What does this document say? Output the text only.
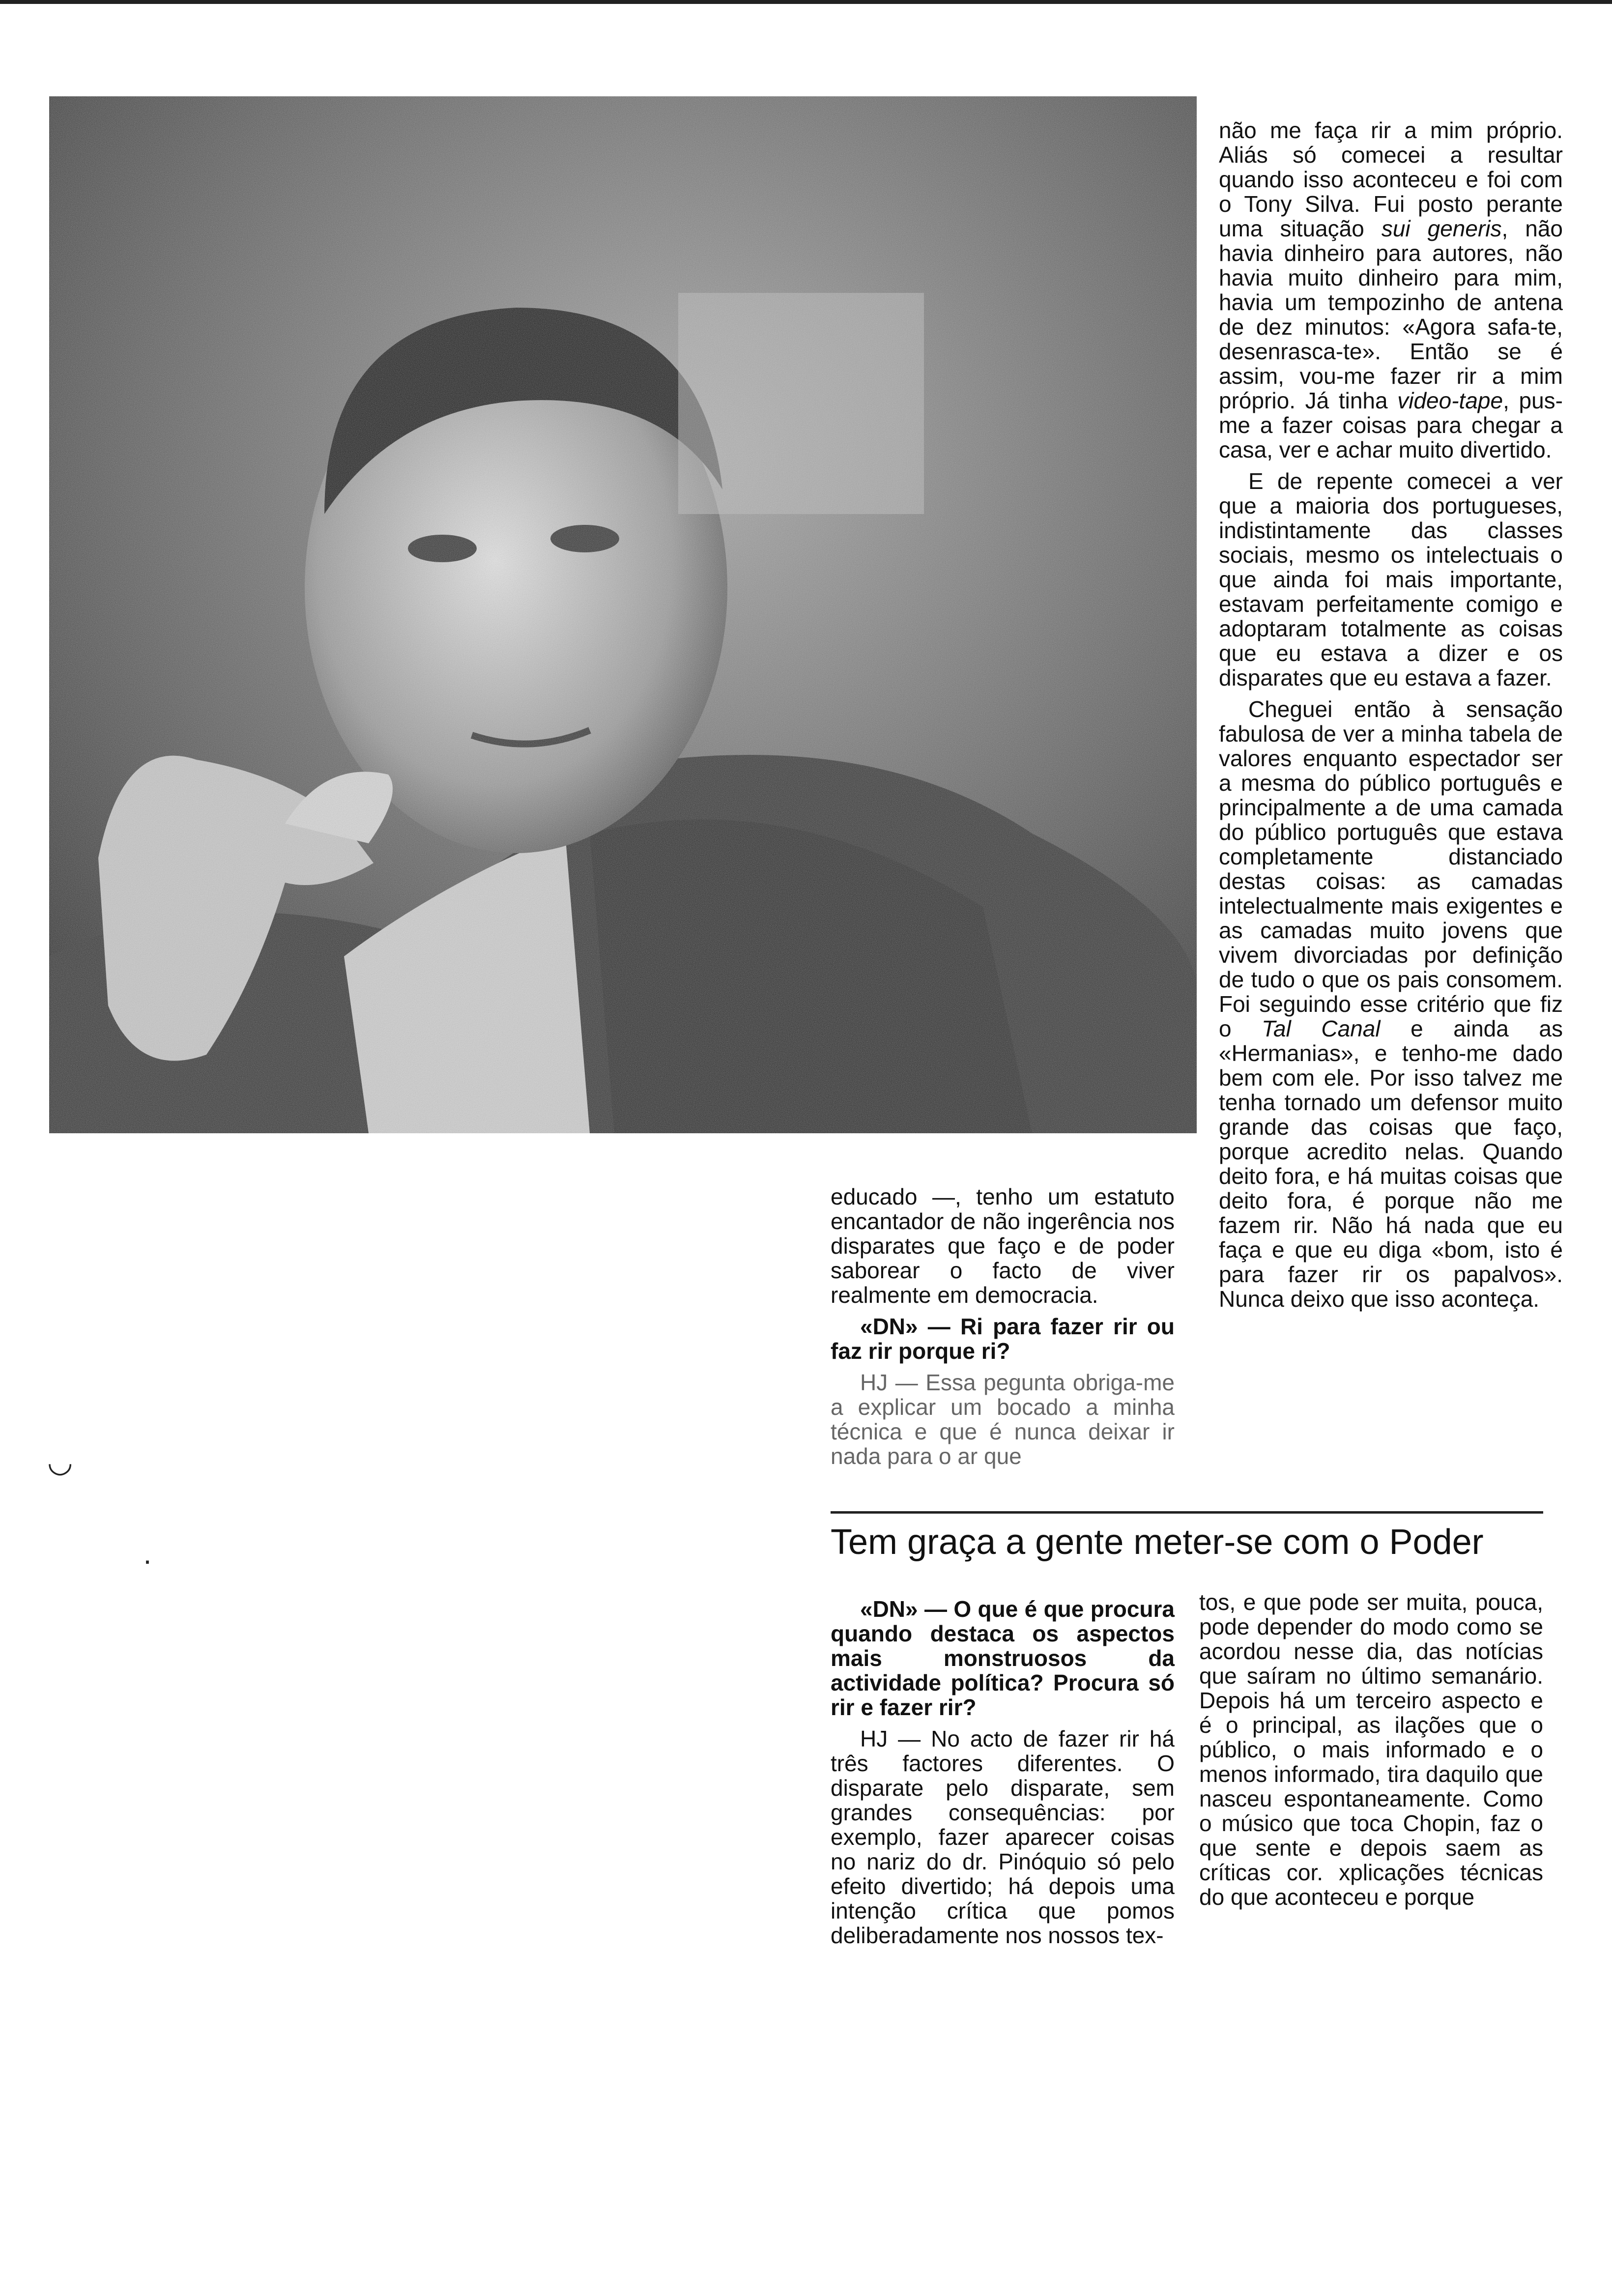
não me faça rir a mim próprio. Aliás só comecei a resultar quando isso aconteceu e foi com o Tony Silva. Fui posto perante uma situação sui generis, não havia dinheiro para autores, não havia muito dinheiro para mim, havia um tempozinho de antena de dez minutos: «Agora safa-te, desenrasca-te». Então se é assim, vou-me fazer rir a mim próprio. Já tinha video-tape, pus-me a fazer coisas para chegar a casa, ver e achar muito divertido.

E de repente comecei a ver que a maioria dos portugueses, indistintamente das classes sociais, mesmo os intelectuais o que ainda foi mais importante, estavam perfeitamente comigo e adoptaram totalmente as coisas que eu estava a dizer e os disparates que eu estava a fazer.

Cheguei então à sensação fabulosa de ver a minha tabela de valores enquanto espectador ser a mesma do público português e principalmente a de uma camada do público português que estava completamente distanciado destas coisas: as camadas intelectualmente mais exigentes e as camadas muito jovens que vivem divorciadas por definição de tudo o que os pais consomem. Foi seguindo esse critério que fiz o Tal Canal e ainda as «Hermanias», e tenho-me dado bem com ele. Por isso talvez me tenha tornado um defensor muito grande das coisas que faço, porque acredito nelas. Quando deito fora, e há muitas coisas que deito fora, é porque não me fazem rir. Não há nada que eu faça e que eu diga «bom, isto é para fazer rir os papalvos». Nunca deixo que isso aconteça.

educado —, tenho um estatuto encantador de não ingerência nos disparates que faço e de poder saborear o facto de viver realmente em democracia.

«DN» — Ri para fazer rir ou faz rir porque ri?

HJ — Essa pegunta obriga-me a explicar um bocado a minha técnica e que é nunca deixar ir nada para o ar que

Tem graça a gente meter-se com o Poder

«DN» — O que é que procura quando destaca os aspectos mais monstruosos da actividade política? Procura só rir e fazer rir?

HJ — No acto de fazer rir há três factores diferentes. O disparate pelo disparate, sem grandes consequências: por exemplo, fazer aparecer coisas no nariz do dr. Pinóquio só pelo efeito divertido; há depois uma intenção crítica que pomos deliberadamente nos nossos tex-

tos, e que pode ser muita, pouca, pode depender do modo como se acordou nesse dia, das notícias que saíram no último semanário. Depois há um terceiro aspecto e é o principal, as ilações que o público, o mais informado e o menos informado, tira daquilo que nasceu espontaneamente. Como o músico que toca Chopin, faz o que sente e depois saem as críticas cor. xplicações técnicas do que aconteceu e porque

◡
·
